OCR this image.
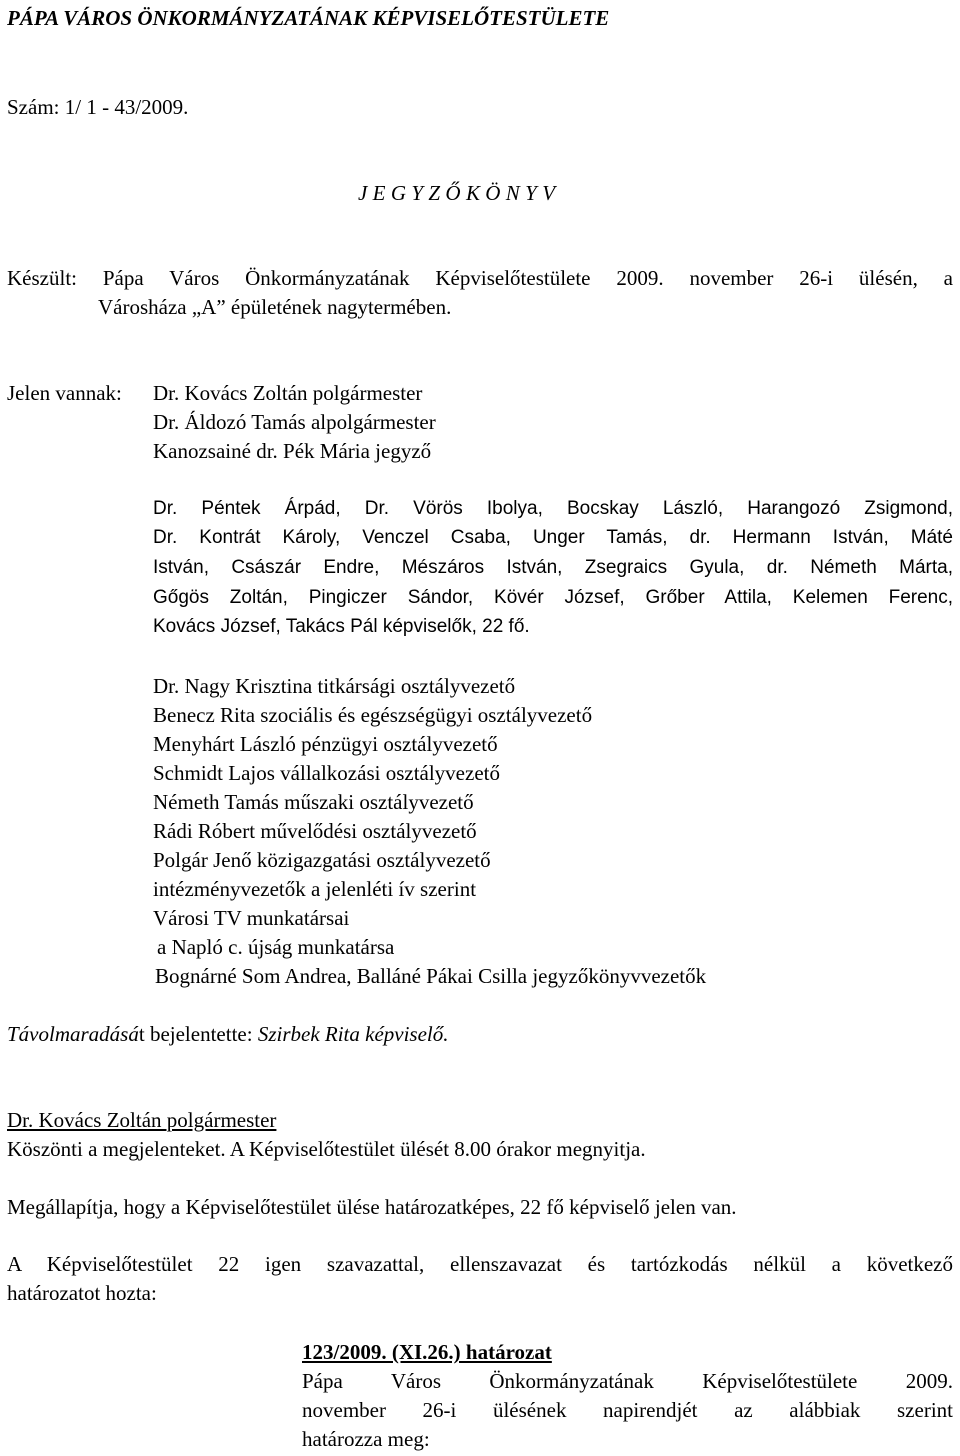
PÁPA VÁROS ÖNKORMÁNYZATÁNAK KÉPVISELŐTESTÜLETE
Szám: 1/ 1 - 43/2009.
J E G Y Z Ő K Ö N Y V
Készült: Pápa Város Önkormányzatának Képviselőtestülete 2009. november 26-i ülésén, a
Városháza „A” épületének nagytermében.
Jelen vannak: Dr. Kovács Zoltán polgármester
Dr. Áldozó Tamás alpolgármester
Kanozsainé dr. Pék Mária jegyző
Dr. Péntek Árpád, Dr. Vörös Ibolya, Bocskay László, Harangozó Zsigmond,
Dr. Kontrát Károly, Venczel Csaba, Unger Tamás, dr. Hermann István, Máté
István, Császár Endre, Mészáros István, Zsegraics Gyula, dr. Németh Márta,
Gőgös Zoltán, Pingiczer Sándor, Kövér József, Grőber Attila, Kelemen Ferenc,
Kovács József, Takács Pál képviselők, 22 fő.
Dr. Nagy Krisztina titkársági osztályvezető
Benecz Rita szociális és egészségügyi osztályvezető
Menyhárt László pénzügyi osztályvezető
Schmidt Lajos vállalkozási osztályvezető
Németh Tamás műszaki osztályvezető
Rádi Róbert művelődési osztályvezető
Polgár Jenő közigazgatási osztályvezető
intézményvezetők a jelenléti ív szerint
Városi TV munkatársai
a Napló c. újság munkatársa
Bognárné Som Andrea, Balláné Pákai Csilla jegyzőkönyvvezetők
Távolmaradását bejelentette: Szirbek Rita képviselő.
Dr. Kovács Zoltán polgármester
Köszönti a megjelenteket. A Képviselőtestület ülését 8.00 órakor megnyitja.
Megállapítja, hogy a Képviselőtestület ülése határozatképes, 22 fő képviselő jelen van.
A Képviselőtestület 22 igen szavazattal, ellenszavazat és tartózkodás nélkül a következő
határozatot hozta:
123/2009. (XI.26.) határozat
Pápa Város Önkormányzatának Képviselőtestülete 2009.
november 26-i ülésének napirendjét az alábbiak szerint
határozza meg:
